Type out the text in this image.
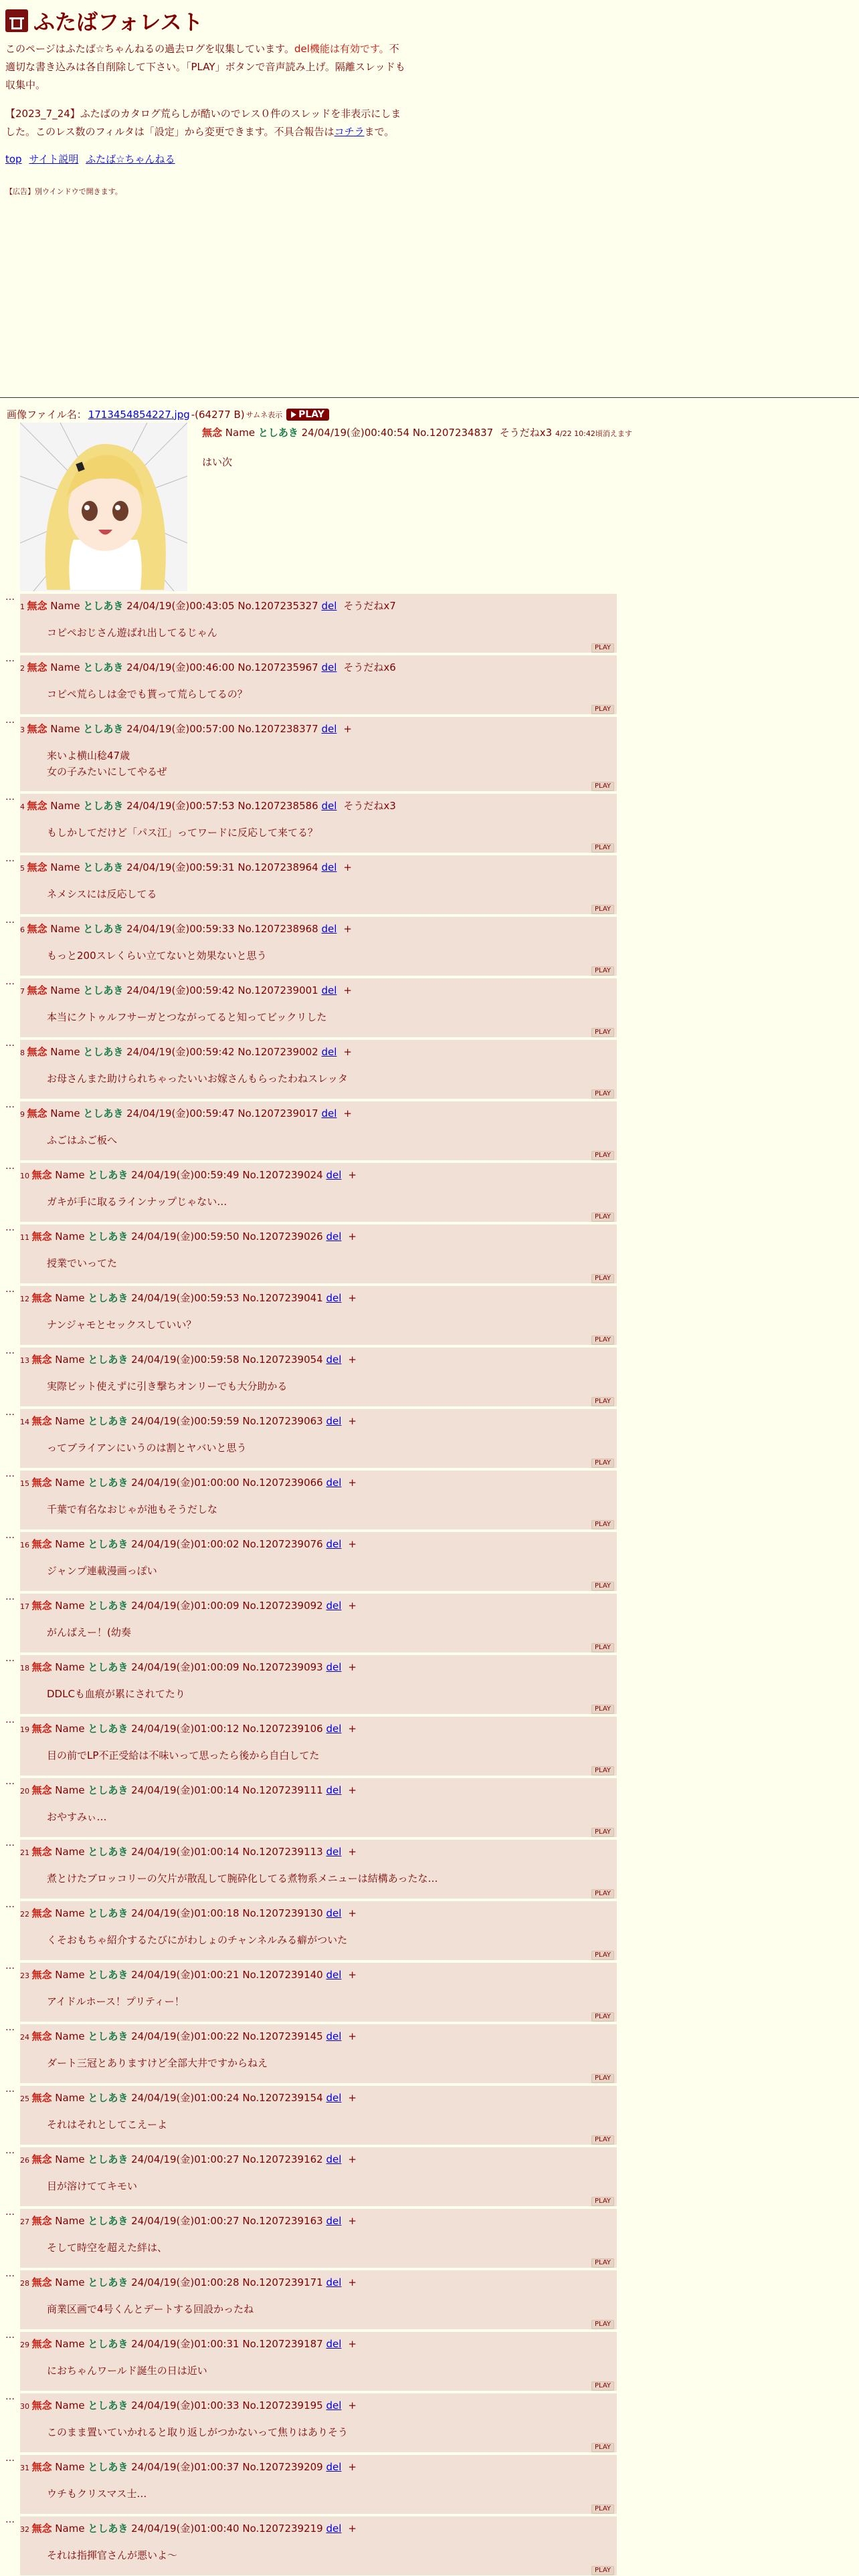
ふたばフォレスト

このページはふたば☆ちゃんねるの過去ログを収集しています。del機能は有効です。不適切な書き込みは各自削除して下さい。「PLAY」ボタンで音声読み上げ。隔離スレッドも収集中。

【2023_7_24】ふたばのカタログ荒らしが酷いのでレス０件のスレッドを非表示にしました。このレス数のフィルタは「設定」から変更できます。不具合報告はコチラまで。

top サイト説明 ふたば☆ちゃんねる

【広告】別ウインドウで開きます。

画像ファイル名： 1713454854227.jpg -(64277 B) サムネ表示 PLAY
無念 Name としあき 24/04/19(金)00:40:54 No.1207234837 そうだねx3 4/22 10:42頃消えます
はい次
…
1 無念 Name としあき 24/04/19(金)00:43:05 No.1207235327 del そうだねx7
コピペおじさん遊ばれ出してるじゃん
PLAY
…
2 無念 Name としあき 24/04/19(金)00:46:00 No.1207235967 del そうだねx6
コピペ荒らしは金でも貰って荒らしてるの？
PLAY
…
3 無念 Name としあき 24/04/19(金)00:57:00 No.1207238377 del +
来いよ横山稔47歳
女の子みたいにしてやるぜ
PLAY
…
4 無念 Name としあき 24/04/19(金)00:57:53 No.1207238586 del そうだねx3
もしかしてだけど「パス江」ってワードに反応して来てる？
PLAY
…
5 無念 Name としあき 24/04/19(金)00:59:31 No.1207238964 del +
ネメシスには反応してる
PLAY
…
6 無念 Name としあき 24/04/19(金)00:59:33 No.1207238968 del +
もっと200スレくらい立てないと効果ないと思う
PLAY
…
7 無念 Name としあき 24/04/19(金)00:59:42 No.1207239001 del +
本当にクトゥルフサーガとつながってると知ってビックリした
PLAY
…
8 無念 Name としあき 24/04/19(金)00:59:42 No.1207239002 del +
お母さんまた助けられちゃったいいお嫁さんもらったわねスレッタ
PLAY
…
9 無念 Name としあき 24/04/19(金)00:59:47 No.1207239017 del +
ふごはふご板へ
PLAY
…
10 無念 Name としあき 24/04/19(金)00:59:49 No.1207239024 del +
ガキが手に取るラインナップじゃない…
PLAY
…
11 無念 Name としあき 24/04/19(金)00:59:50 No.1207239026 del +
授業でいってた
PLAY
…
12 無念 Name としあき 24/04/19(金)00:59:53 No.1207239041 del +
ナンジャモとセックスしていい？
PLAY
…
13 無念 Name としあき 24/04/19(金)00:59:58 No.1207239054 del +
実際ビット使えずに引き撃ちオンリーでも大分助かる
PLAY
…
14 無念 Name としあき 24/04/19(金)00:59:59 No.1207239063 del +
ってブライアンにいうのは割とヤバいと思う
PLAY
…
15 無念 Name としあき 24/04/19(金)01:00:00 No.1207239066 del +
千葉で有名なおじゃが池もそうだしな
PLAY
…
16 無念 Name としあき 24/04/19(金)01:00:02 No.1207239076 del +
ジャンプ連載漫画っぽい
PLAY
…
17 無念 Name としあき 24/04/19(金)01:00:09 No.1207239092 del +
がんばえー！(幼奏
PLAY
…
18 無念 Name としあき 24/04/19(金)01:00:09 No.1207239093 del +
DDLCも血痕が累にされてたり
PLAY
…
19 無念 Name としあき 24/04/19(金)01:00:12 No.1207239106 del +
目の前でLP不正受給は不味いって思ったら後から自白してた
PLAY
…
20 無念 Name としあき 24/04/19(金)01:00:14 No.1207239111 del +
おやすみぃ…
PLAY
…
21 無念 Name としあき 24/04/19(金)01:00:14 No.1207239113 del +
煮とけたブロッコリーの欠片が散乱して腕砕化してる煮物系メニューは結構あったな…
PLAY
…
22 無念 Name としあき 24/04/19(金)01:00:18 No.1207239130 del +
くそおもちゃ紹介するたびにがわしょのチャンネルみる癖がついた
PLAY
…
23 無念 Name としあき 24/04/19(金)01:00:21 No.1207239140 del +
アイドルホース！プリティー！
PLAY
…
24 無念 Name としあき 24/04/19(金)01:00:22 No.1207239145 del +
ダート三冠とありますけど全部大井ですからねえ
PLAY
…
25 無念 Name としあき 24/04/19(金)01:00:24 No.1207239154 del +
それはそれとしてこえーよ
PLAY
…
26 無念 Name としあき 24/04/19(金)01:00:27 No.1207239162 del +
目が溶けててキモい
PLAY
…
27 無念 Name としあき 24/04/19(金)01:00:27 No.1207239163 del +
そして時空を超えた絆は、
PLAY
…
28 無念 Name としあき 24/04/19(金)01:00:28 No.1207239171 del +
商業区画で4号くんとデートする回設かったね
PLAY
…
29 無念 Name としあき 24/04/19(金)01:00:31 No.1207239187 del +
におちゃんワールド誕生の日は近い
PLAY
…
30 無念 Name としあき 24/04/19(金)01:00:33 No.1207239195 del +
このまま置いていかれると取り返しがつかないって焦りはありそう
PLAY
…
31 無念 Name としあき 24/04/19(金)01:00:37 No.1207239209 del +
ウチもクリスマス士…
PLAY
…
32 無念 Name としあき 24/04/19(金)01:00:40 No.1207239219 del +
それは指揮官さんが悪いよ〜
PLAY
